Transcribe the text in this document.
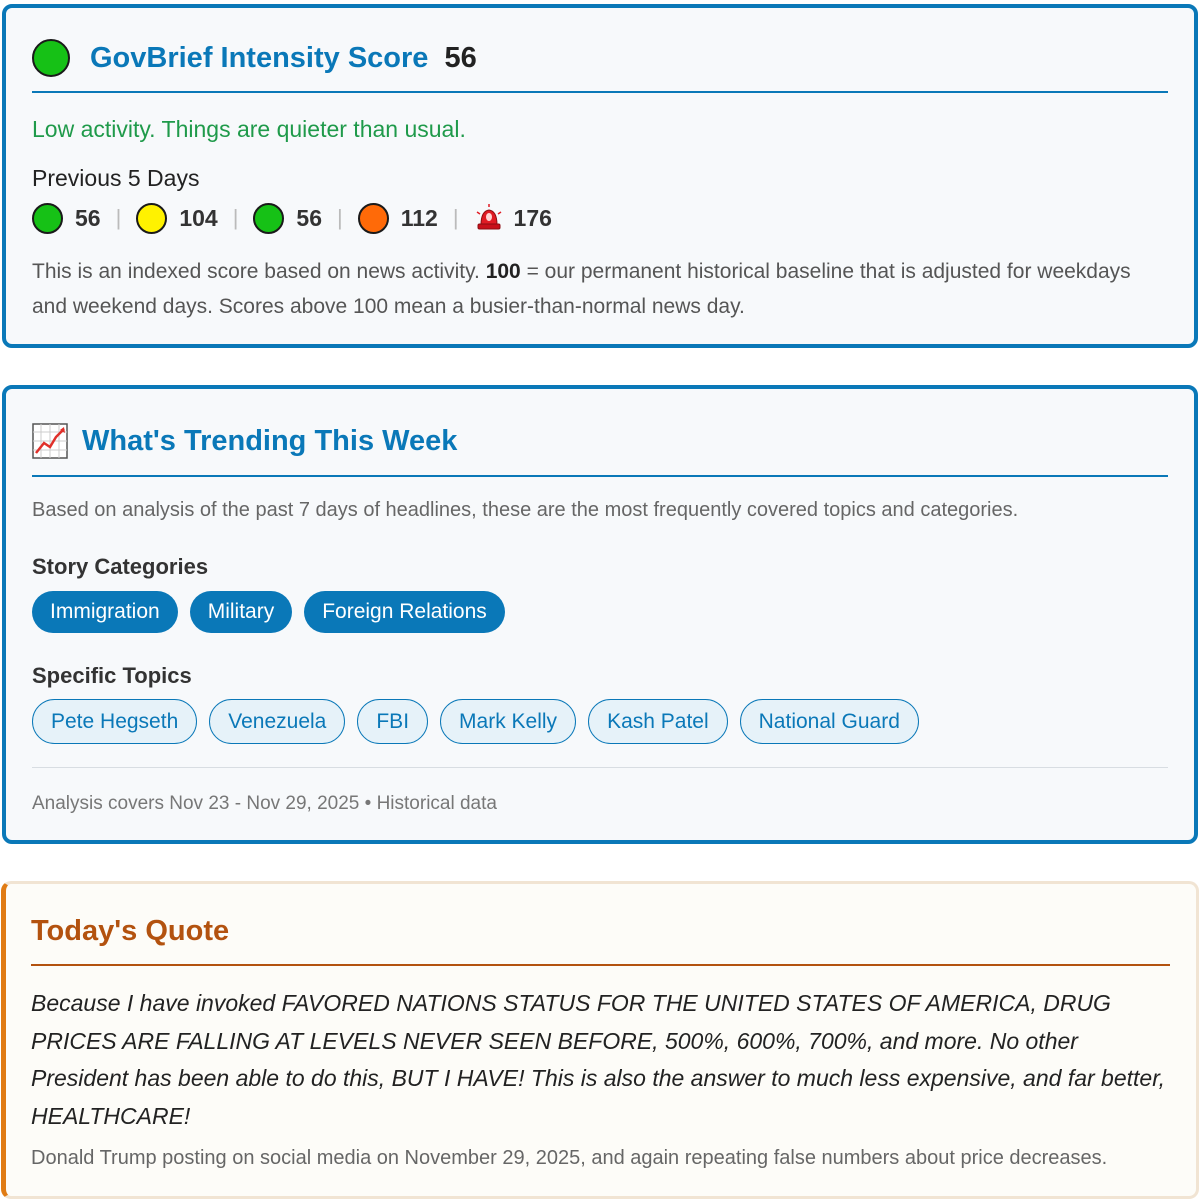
GovBrief Intensity Score 56
Low activity. Things are quieter than usual.
Previous 5 Days
56 |	104 |	56 |	112 | 176
This is an indexed score based on news activity. 100 = our permanent historical baseline that is adjusted for weekdays and weekend days. Scores above 100 mean a busier-than-normal news day.
What's Trending This Week
Based on analysis of the past 7 days of headlines, these are the most frequently covered topics and categories.
Story Categories
Immigration	Military	Foreign Relations
Specific Topics
Pete Hegseth	Venezuela	FBI	Mark Kelly	Kash Patel	National Guard
Analysis covers Nov 23 - Nov 29, 2025 • Historical data
Today's Quote
Because I have invoked FAVORED NATIONS STATUS FOR THE UNITED STATES OF AMERICA, DRUG PRICES ARE FALLING AT LEVELS NEVER SEEN BEFORE, 500%, 600%, 700%, and more. No other President has been able to do this, BUT I HAVE! This is also the answer to much less expensive, and far better, HEALTHCARE!
Donald Trump posting on social media on November 29, 2025, and again repeating false numbers about price decreases.
